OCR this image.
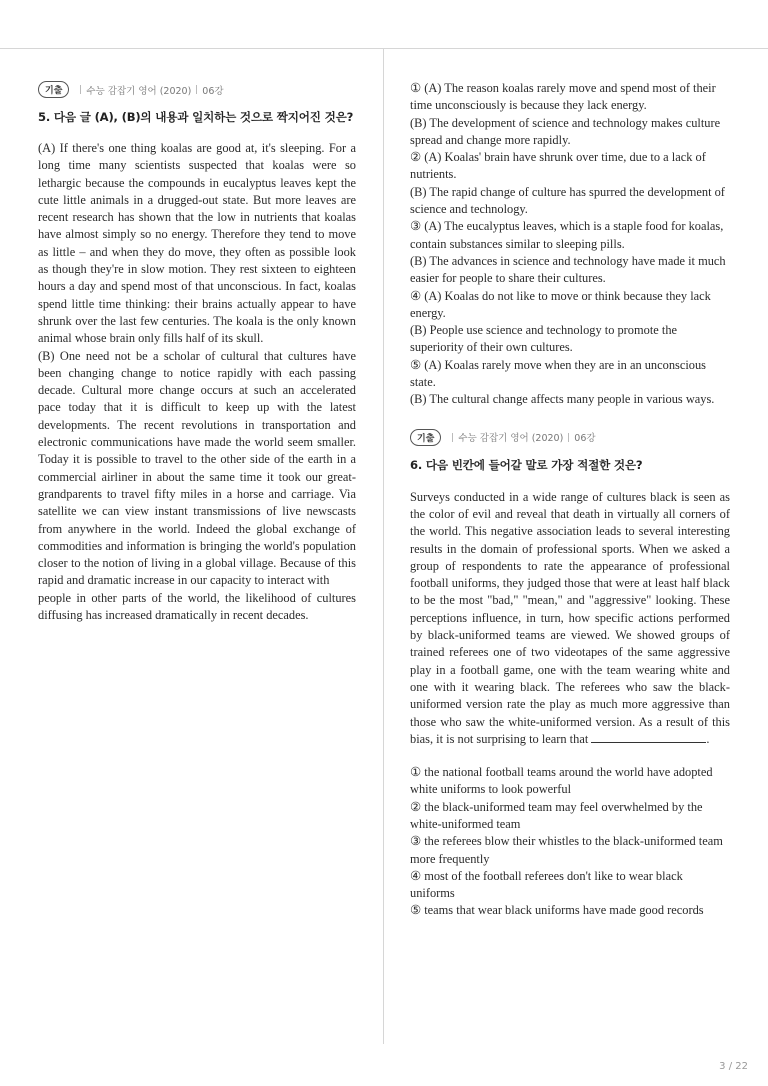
기출	수능 감잡기 영어 (2020) 06강
5. 다음 글 (A), (B)의 내용과 일치하는 것으로 짝지어진 것은?

(A) If there's one thing koalas are good at, it's sleeping. For a long time many scientists suspected that koalas were so lethargic because the compounds in eucalyptus leaves kept the cute little animals in a drugged-out state. But more leaves are recent research has shown that the low in nutrients that koalas have almost simply so no energy. Therefore they tend to move as little – and when they do move, they often as possible look as though they're in slow motion. They rest sixteen to eighteen hours a day and spend most of that unconscious. In fact, koalas spend little time thinking: their brains actually appear to have shrunk over the last few centuries. The koala is the only known animal whose brain only fills half of its skull.

(B) One need not be a scholar of cultural that cultures have been changing change to notice rapidly with each passing decade. Cultural more change occurs at such an accelerated pace today that it is difficult to keep up with the latest developments. The recent revolutions in transportation and electronic communications have made the world seem smaller. Today it is possible to travel to the other side of the earth in a commercial airliner in about the same time it took our great-grandparents to travel fifty miles in a horse and carriage. Via satellite we can view instant transmissions of live newscasts from anywhere in the world. Indeed the global exchange of commodities and information is bringing the world's population closer to the notion of living in a global village. Because of this rapid and dramatic increase in our capacity to interact with

people in other parts of the world, the likelihood of cultures diffusing has increased dramatically in recent decades.

① (A) The reason koalas rarely move and spend most of their time unconsciously is because they lack energy.

(B) The development of science and technology makes culture spread and change more rapidly.

② (A) Koalas' brain have shrunk over time, due to a lack of nutrients.

(B) The rapid change of culture has spurred the development of science and technology.

③ (A) The eucalyptus leaves, which is a staple food for koalas, contain substances similar to sleeping pills.

(B) The advances in science and technology have made it much easier for people to share their cultures.

④ (A) Koalas do not like to move or think because they lack energy.

(B) People use science and technology to promote the superiority of their own cultures.

⑤ (A) Koalas rarely move when they are in an unconscious state.

(B) The cultural change affects many people in various ways.

기출	수능 감잡기 영어 (2020) 06강
6. 다음 빈칸에 들어갈 말로 가장 적절한 것은?

Surveys conducted in a wide range of cultures black is seen as the color of evil and reveal that death in virtually all corners of the world. This negative association leads to several interesting results in the domain of professional sports. When we asked a group of respondents to rate the appearance of professional football uniforms, they judged those that were at least half black to be the most "bad," "mean," and "aggressive" looking. These perceptions influence, in turn, how specific actions performed by black-uniformed teams are viewed. We showed groups of trained referees one of two videotapes of the same aggressive play in a football game, one with the team wearing white and one with it wearing black. The referees who saw the black-uniformed version rate the play as much more aggressive than those who saw the white-uniformed version. As a result of this bias, it is not surprising to learn that	.

① the national football teams around the world have adopted white uniforms to look powerful

② the black-uniformed team may feel overwhelmed by the white-uniformed team

③ the referees blow their whistles to the black-uniformed team more frequently

④ most of the football referees don't like to wear black uniforms

⑤ teams that wear black uniforms have made good records

3 / 22
